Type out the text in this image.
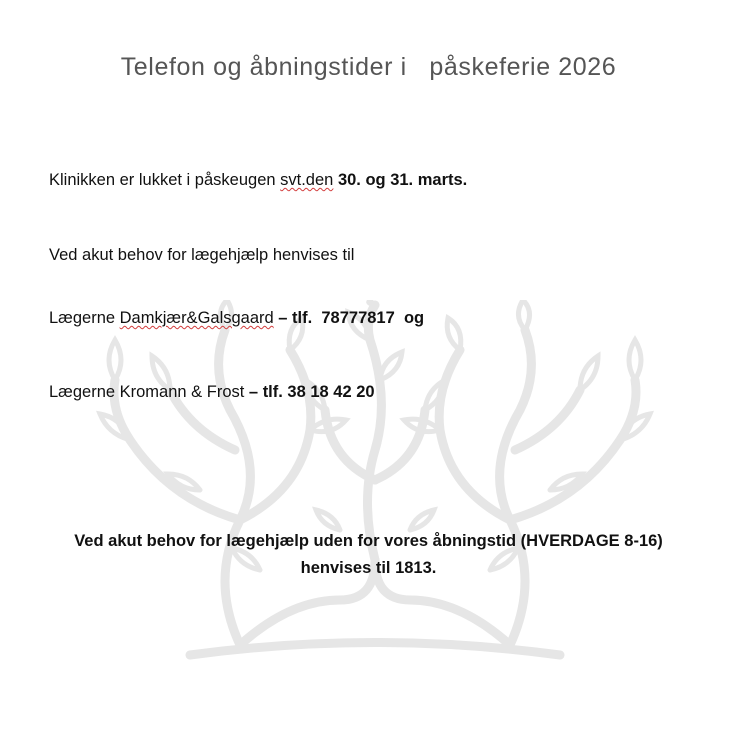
Telefon og åbningstider i   påskeferie 2026
Klinikken er lukket i påskeugen svt.den 30. og 31. marts.
Ved akut behov for lægehjælp henvises til
Lægerne Damkjær&Galsgaard – tlf.  78777817  og
Lægerne Kromann & Frost – tlf. 38 18 42 20
Ved akut behov for lægehjælp uden for vores åbningstid (HVERDAGE 8-16)
henvises til 1813.
